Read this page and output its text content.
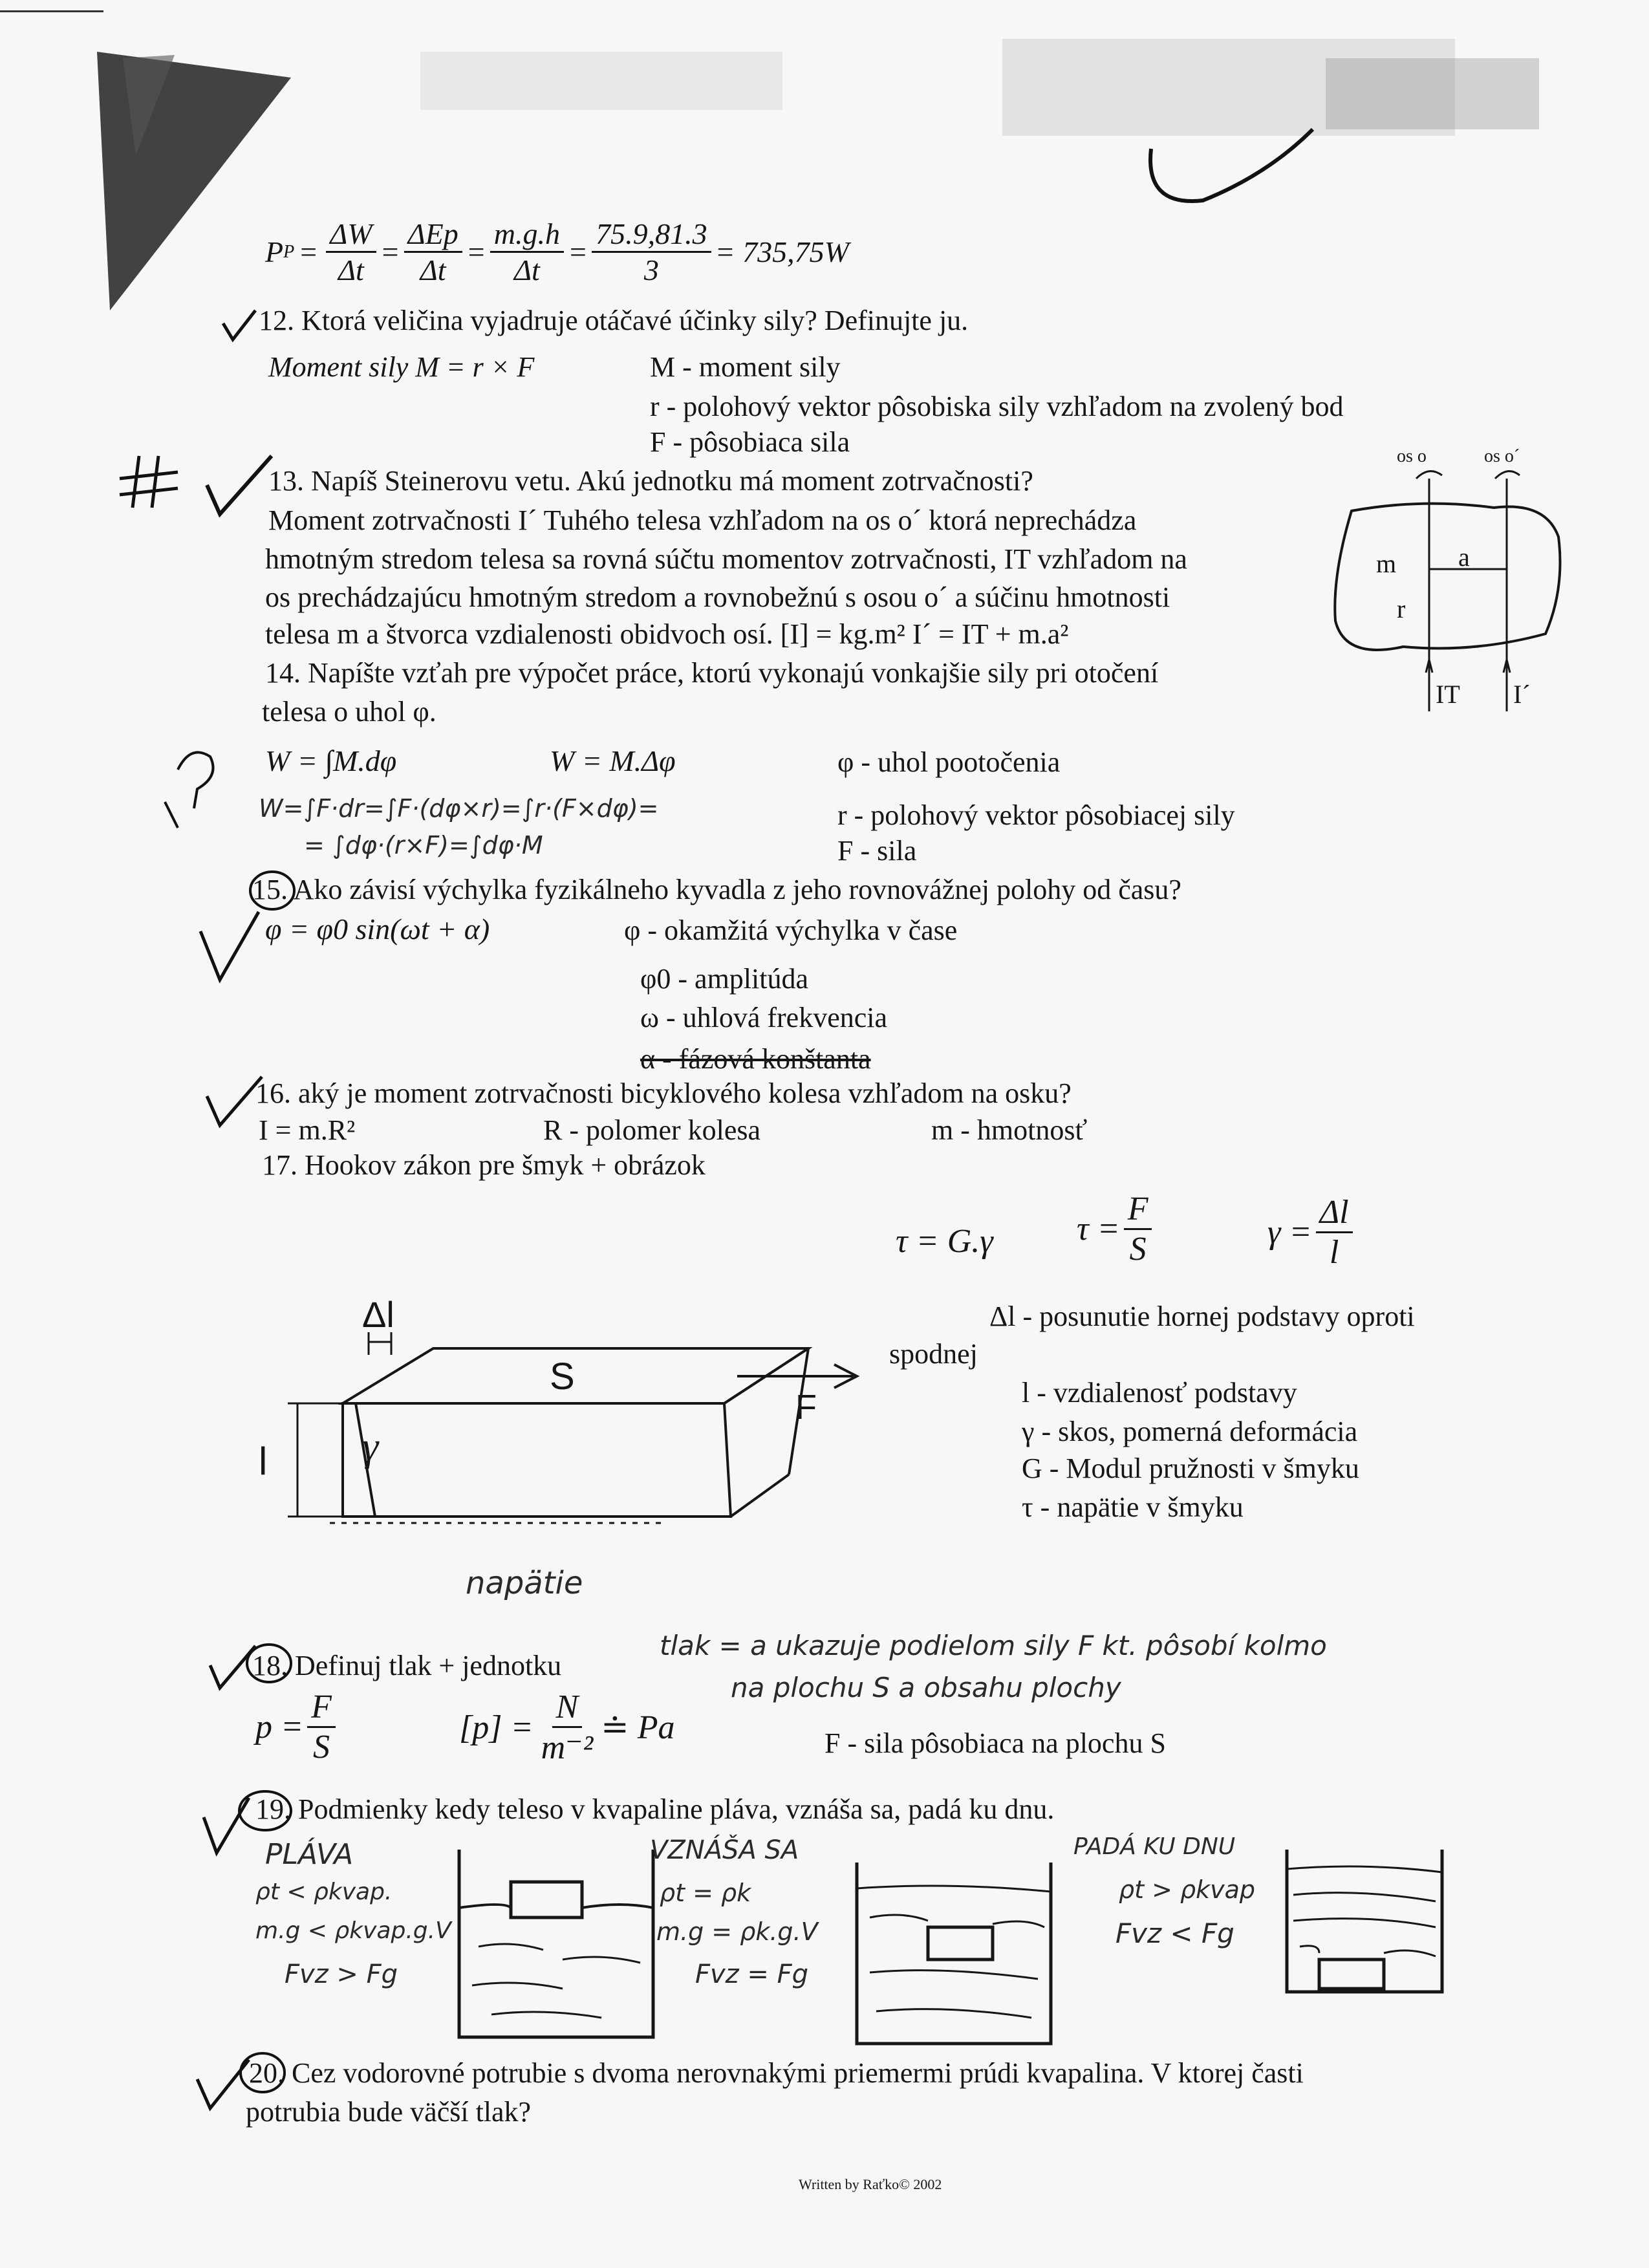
P $P = \frac{\Delta W}{\Delta t} = \frac{\text{ΔEp}}{\Delta t} = \frac{m.g.h}{\Delta t} = \frac{75.9,81.3}{3} = 735,75W$
12. Ktorá veličina vyjadruje otáčavé účinky sily? Definujte ju.
Moment sily M = r × F	M - moment sily
r - polohový vektor pôsobiska sily vzhľadom na zvolený bod
F - pôsobiaca sila
13. Napíš Steinerovu vetu. Akú jednotku má moment zotrvačnosti?
Moment zotrvačnosti I´ Tuhého telesa vzhľadom na os o´ ktorá neprechádza
hmotným stredom telesa sa rovná súčtu momentov zotrvačnosti, IT vzhľadom na
os prechádzajúcu hmotným stredom a rovnobežnú s osou o´ a súčinu hmotnosti
telesa m a štvorca vzdialenosti obidvoch osí. [I] = kg.m² I´ = IT + m.a²
os o	os o´
m a
r
IT I´
14. Napíšte vzťah pre výpočet práce, ktorú vykonajú vonkajšie sily pri otočení
telesa o uhol φ.
W = ∫M.dφ	W = M.Δφ	φ - uhol pootočenia
W=∫F·dr=∫F·(dφ×r)=∫r·(F×dφ)=
= ∫dφ·(r×F)=∫dφ·M
r - polohový vektor pôsobiacej sily
F - sila
15. Ako závisí výchylka fyzikálneho kyvadla z jeho rovnovážnej polohy od času?
φ = φ0 sin(ωt + α)	φ - okamžitá výchylka v čase
φ0 - amplitúda
ω - uhlová frekvencia
α - fázová konštanta
16. aký je moment zotrvačnosti bicyklového kolesa vzhľadom na osku?
I = m.R²	R - polomer kolesa	m - hmotnosť
17. Hookov zákon pre šmyk + obrázok
τ = G.γ $\tau = \frac{F}{S}$	$\gamma = \frac{\Delta l}{l}$
Δl - posunutie hornej podstavy oproti
spodnej
l - vzdialenosť podstavy
γ - skos, pomerná deformácia
G - Modul pružnosti v šmyku
τ - napätie v šmyku
Δl
S
F
l γ
napätie
18. Definuj tlak + jednotku
tlak = a ukazuje podielom sily F kt. pôsobí kolmo
na plochu S a obsahu plochy
$p = \frac{F}{S}$	$[p] = \frac{N}{\text{m⁻²}}$ ≐ Pa	F - sila pôsobiaca na plochu S
19. Podmienky kedy teleso v kvapaline pláva, vznáša sa, padá ku dnu.
PLÁVA
ρt < ρkvap.
m.g < ρkvap.g.V
Fvz > Fg
VZNÁŠA SA
ρt = ρk
m.g = ρk.g.V
Fvz = Fg
PADÁ KU DNU
ρt > ρkvap
Fvz < Fg
20. Cez vodorovné potrubie s dvoma nerovnakými priemermi prúdi kvapalina. V ktorej časti
potrubia bude väčší tlak?
Written by Raťko© 2002
